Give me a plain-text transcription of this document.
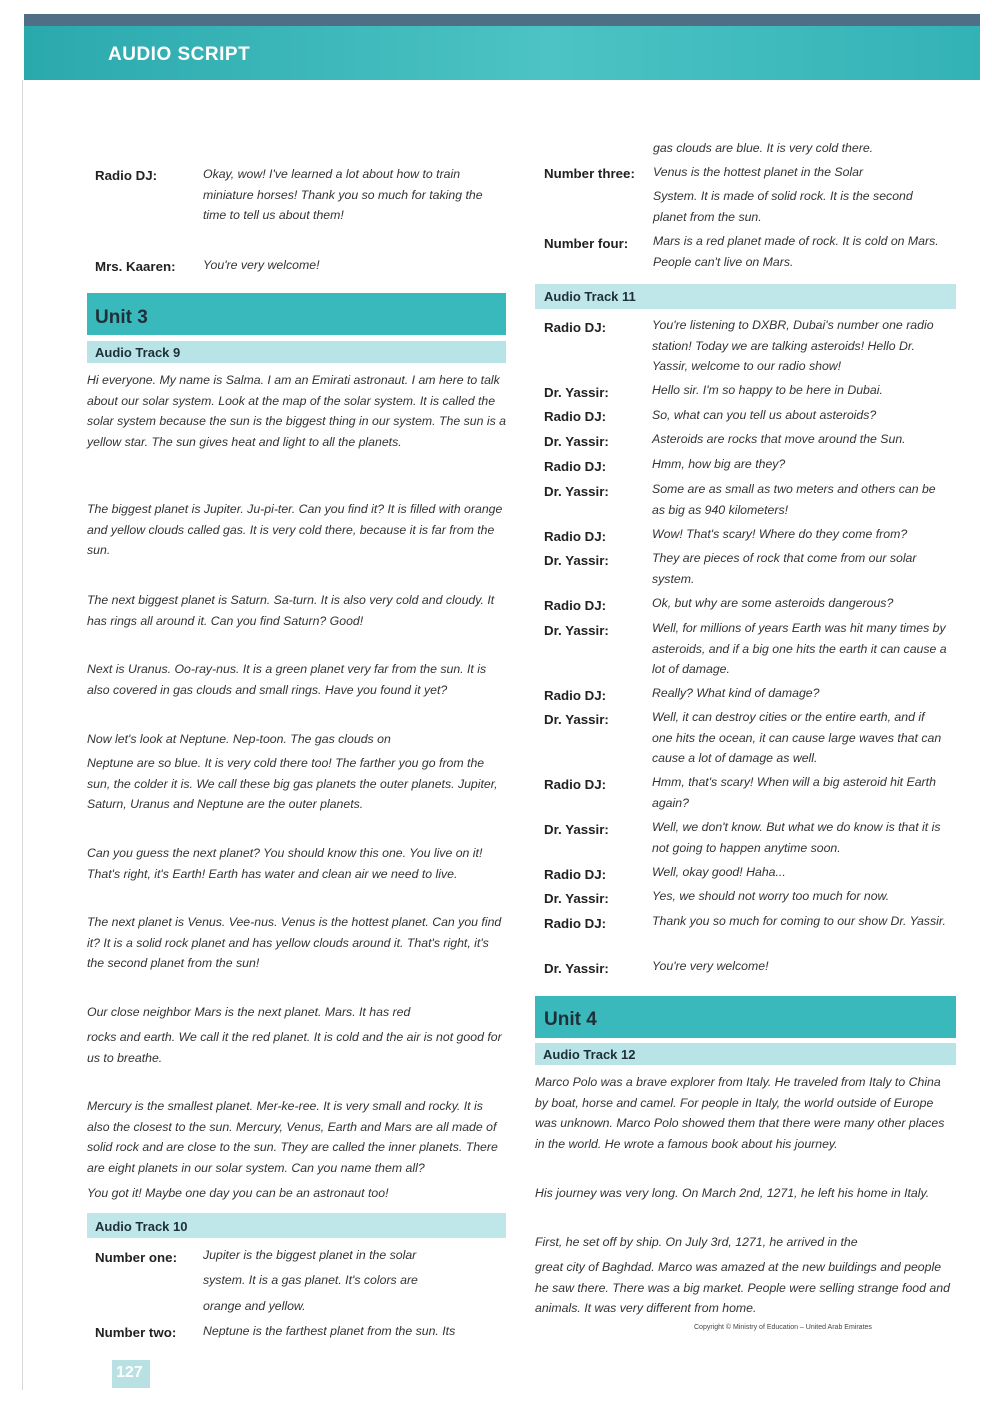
AUDIO SCRIPT
Radio DJ:	Okay, wow! I've learned a lot about how to train miniature horses! Thank you so much for taking the time to tell us about them!
Mrs. Kaaren: You're very welcome!
Unit 3
Audio Track 9

Hi everyone. My name is Salma. I am an Emirati astronaut. I am here to talk about our solar system. Look at the map of the solar system. It is called the solar system because the sun is the biggest thing in our system. The sun is a yellow star. The sun gives heat and light to all the planets.

The biggest planet is Jupiter. Ju-pi-ter. Can you find it? It is filled with orange and yellow clouds called gas. It is very cold there, because it is far from the sun.

The next biggest planet is Saturn. Sa-turn. It is also very cold and cloudy. It has rings all around it. Can you find Saturn? Good!

Next is Uranus. Oo-ray-nus. It is a green planet very far from the sun. It is also covered in gas clouds and small rings. Have you found it yet?

Now let's look at Neptune. Nep-toon. The gas clouds on

Neptune are so blue. It is very cold there too! The farther you go from the sun, the colder it is. We call these big gas planets the outer planets. Jupiter, Saturn, Uranus and Neptune are the outer planets.

Can you guess the next planet? You should know this one. You live on it! That's right, it's Earth! Earth has water and clean air we need to live.

The next planet is Venus. Vee-nus. Venus is the hottest planet. Can you find it? It is a solid rock planet and has yellow clouds around it. That's right, it's the second planet from the sun!

Our close neighbor Mars is the next planet. Mars. It has red

rocks and earth. We call it the red planet. It is cold and the air is not good for us to breathe.

Mercury is the smallest planet. Mer-ke-ree. It is very small and rocky. It is also the closest to the sun. Mercury, Venus, Earth and Mars are all made of solid rock and are close to the sun. They are called the inner planets. There are eight planets in our solar system. Can you name them all?

You got it! Maybe one day you can be an astronaut too!

Audio Track 10
Number one: Jupiter is the biggest planet in the solar
system. It is a gas planet. It's colors are
orange and yellow.
Number two: Neptune is the farthest planet from the sun. Its
gas clouds are blue. It is very cold there.
Number three: Venus is the hottest planet in the Solar
System. It is made of solid rock. It is the second planet from the sun.
Number four: Mars is a red planet made of rock. It is cold on Mars. People can't live on Mars.
Audio Track 11
Radio DJ:	You're listening to DXBR, Dubai's number one radio station! Today we are talking asteroids! Hello Dr. Yassir, welcome to our radio show!
Dr. Yassir:	Hello sir. I'm so happy to be here in Dubai.
Radio DJ:	So, what can you tell us about asteroids?
Dr. Yassir:	Asteroids are rocks that move around the Sun.
Radio DJ:	Hmm, how big are they?
Dr. Yassir:	Some are as small as two meters and others can be as big as 940 kilometers!
Radio DJ:	Wow! That's scary! Where do they come from?
Dr. Yassir:	They are pieces of rock that come from our solar system.
Radio DJ:	Ok, but why are some asteroids dangerous?
Dr. Yassir:	Well, for millions of years Earth was hit many times by asteroids, and if a big one hits the earth it can cause a lot of damage.
Radio DJ:	Really? What kind of damage?
Dr. Yassir:	Well, it can destroy cities or the entire earth, and if one hits the ocean, it can cause large waves that can cause a lot of damage as well.
Radio DJ:	Hmm, that's scary! When will a big asteroid hit Earth again?
Dr. Yassir:	Well, we don't know. But what we do know is that it is not going to happen anytime soon.
Radio DJ:	Well, okay good! Haha...
Dr. Yassir:	Yes, we should not worry too much for now.
Radio DJ:	Thank you so much for coming to our show Dr. Yassir.
Dr. Yassir:	You're very welcome!
Unit 4
Audio Track 12

Marco Polo was a brave explorer from Italy. He traveled from Italy to China by boat, horse and camel. For people in Italy, the world outside of Europe was unknown. Marco Polo showed them that there were many other places in the world. He wrote a famous book about his journey.

His journey was very long. On March 2nd, 1271, he left his home in Italy.

First, he set off by ship. On July 3rd, 1271, he arrived in the

great city of Baghdad. Marco was amazed at the new buildings and people he saw there. There was a big market. People were selling strange food and animals. It was very different from home.

Copyright © Ministry of Education – United Arab Emirates
127
